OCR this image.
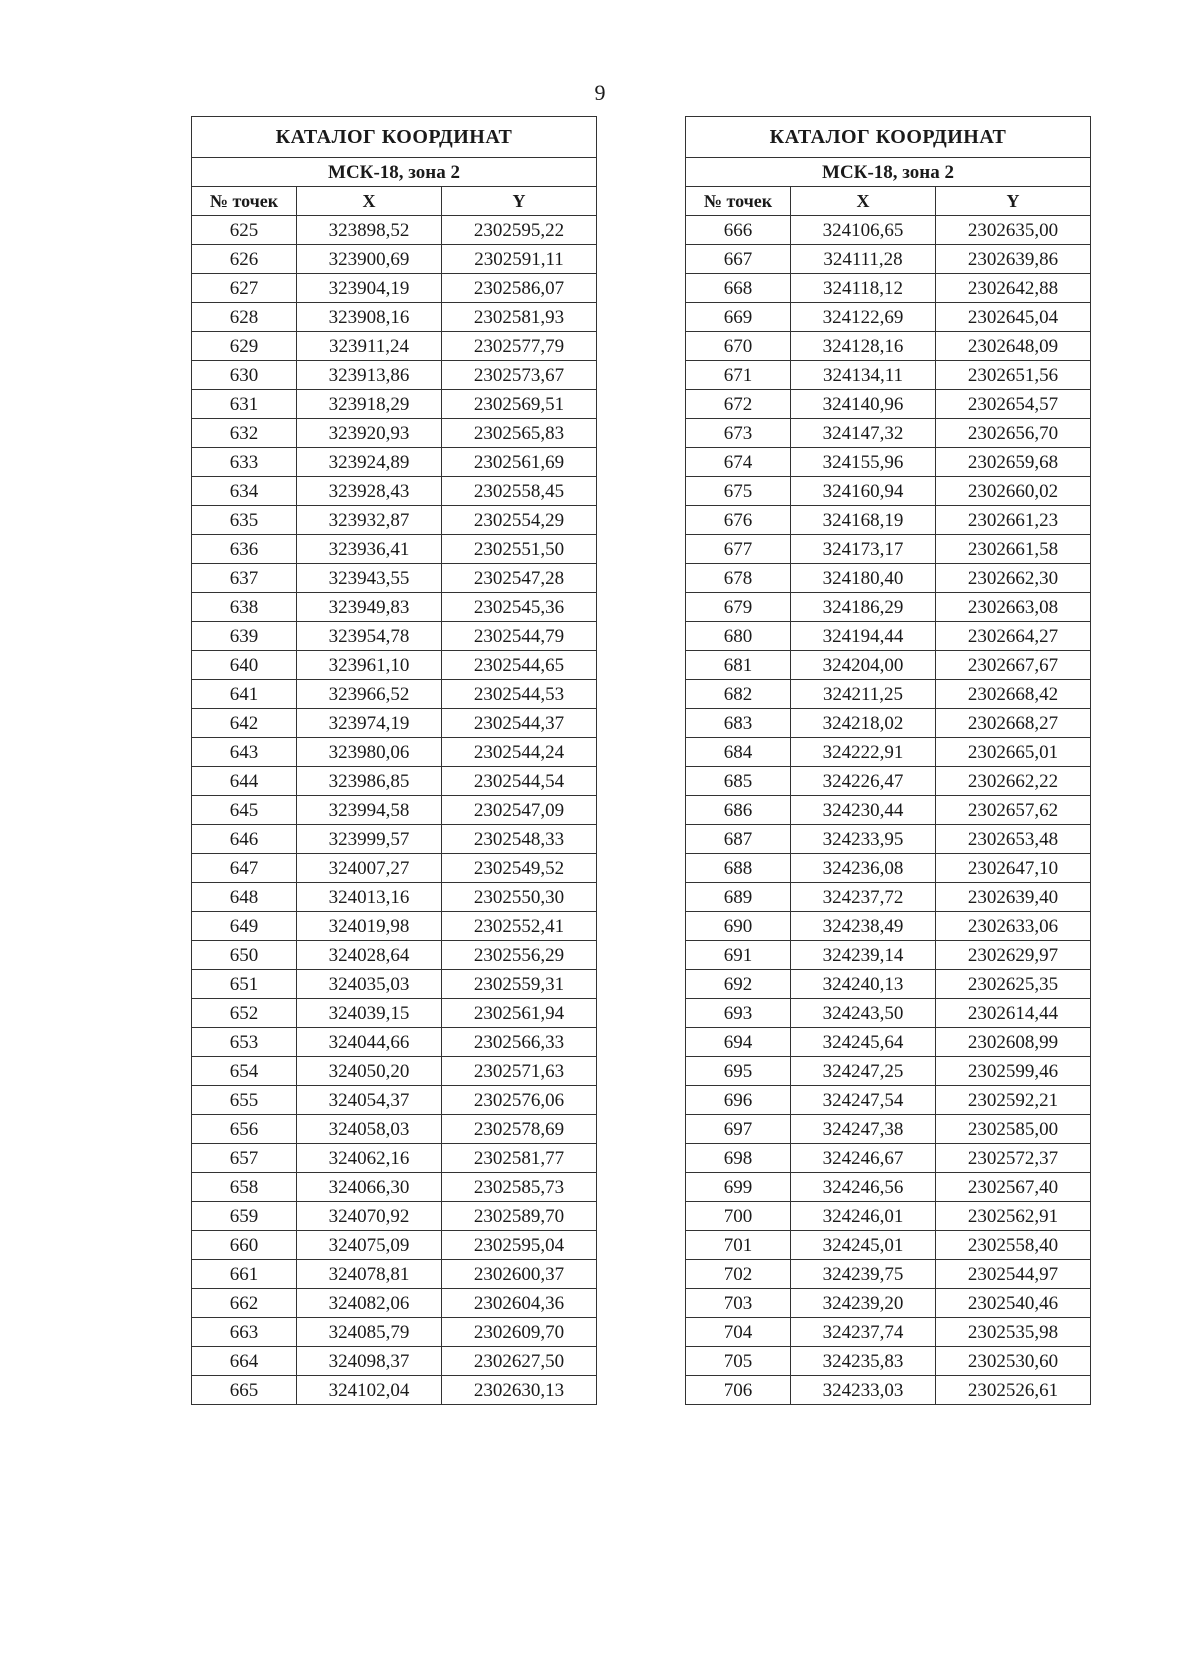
9
КАТАЛОГ КООРДИНАТ		
МСК-18, зона 2		
№ точек	X	Y
625	323898,52	2302595,22
626	323900,69	2302591,11
627	323904,19	2302586,07
628	323908,16	2302581,93
629	323911,24	2302577,79
630	323913,86	2302573,67
631	323918,29	2302569,51
632	323920,93	2302565,83
633	323924,89	2302561,69
634	323928,43	2302558,45
635	323932,87	2302554,29
636	323936,41	2302551,50
637	323943,55	2302547,28
638	323949,83	2302545,36
639	323954,78	2302544,79
640	323961,10	2302544,65
641	323966,52	2302544,53
642	323974,19	2302544,37
643	323980,06	2302544,24
644	323986,85	2302544,54
645	323994,58	2302547,09
646	323999,57	2302548,33
647	324007,27	2302549,52
648	324013,16	2302550,30
649	324019,98	2302552,41
650	324028,64	2302556,29
651	324035,03	2302559,31
652	324039,15	2302561,94
653	324044,66	2302566,33
654	324050,20	2302571,63
655	324054,37	2302576,06
656	324058,03	2302578,69
657	324062,16	2302581,77
658	324066,30	2302585,73
659	324070,92	2302589,70
660	324075,09	2302595,04
661	324078,81	2302600,37
662	324082,06	2302604,36
663	324085,79	2302609,70
664	324098,37	2302627,50
665	324102,04	2302630,13
КАТАЛОГ КООРДИНАТ		
МСК-18, зона 2		
№ точек	X	Y
666	324106,65	2302635,00
667	324111,28	2302639,86
668	324118,12	2302642,88
669	324122,69	2302645,04
670	324128,16	2302648,09
671	324134,11	2302651,56
672	324140,96	2302654,57
673	324147,32	2302656,70
674	324155,96	2302659,68
675	324160,94	2302660,02
676	324168,19	2302661,23
677	324173,17	2302661,58
678	324180,40	2302662,30
679	324186,29	2302663,08
680	324194,44	2302664,27
681	324204,00	2302667,67
682	324211,25	2302668,42
683	324218,02	2302668,27
684	324222,91	2302665,01
685	324226,47	2302662,22
686	324230,44	2302657,62
687	324233,95	2302653,48
688	324236,08	2302647,10
689	324237,72	2302639,40
690	324238,49	2302633,06
691	324239,14	2302629,97
692	324240,13	2302625,35
693	324243,50	2302614,44
694	324245,64	2302608,99
695	324247,25	2302599,46
696	324247,54	2302592,21
697	324247,38	2302585,00
698	324246,67	2302572,37
699	324246,56	2302567,40
700	324246,01	2302562,91
701	324245,01	2302558,40
702	324239,75	2302544,97
703	324239,20	2302540,46
704	324237,74	2302535,98
705	324235,83	2302530,60
706	324233,03	2302526,61
